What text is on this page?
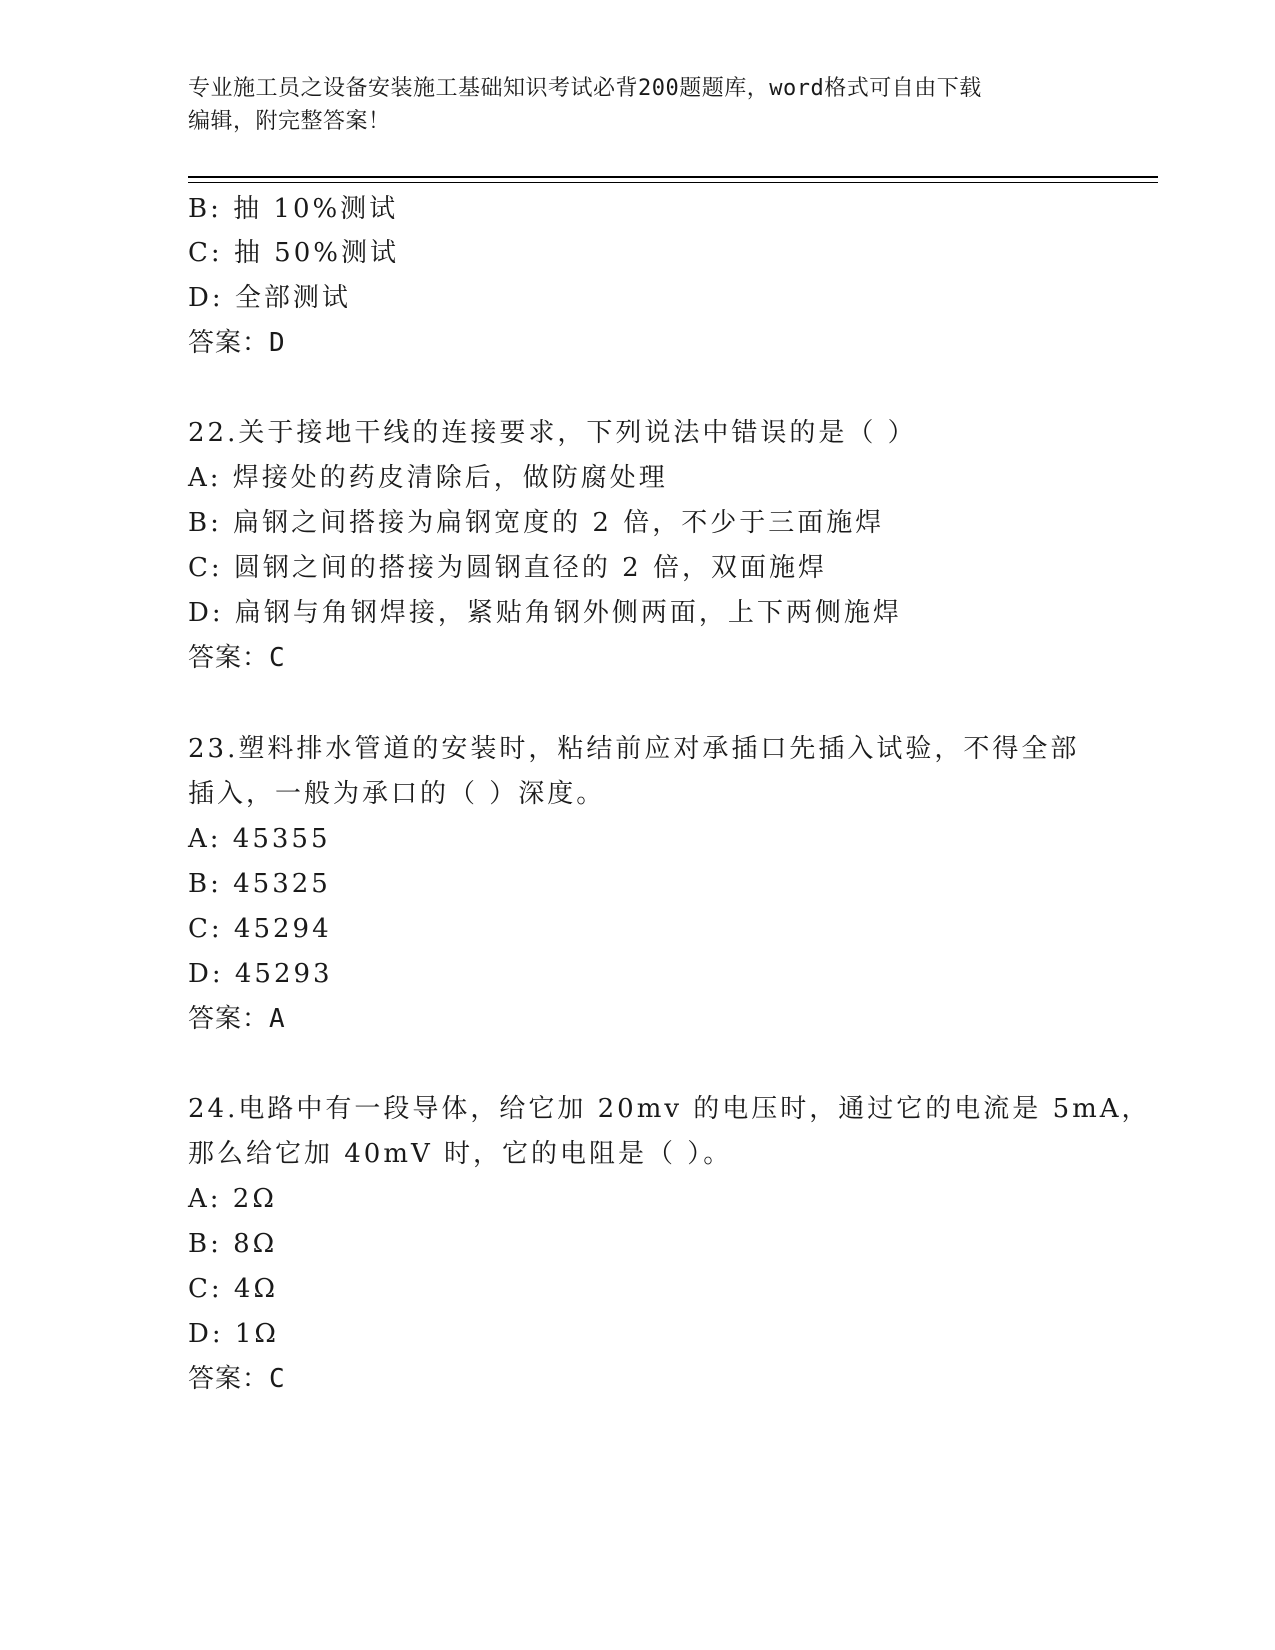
专业施工员之设备安装施工基础知识考试必背200题题库，word格式可自由下载
编辑，附完整答案！
B: 抽 10%测试
C: 抽 50%测试
D: 全部测试
答案：D
22.关于接地干线的连接要求，下列说法中错误的是（ ）
A: 焊接处的药皮清除后，做防腐处理
B: 扁钢之间搭接为扁钢宽度的 2 倍，不少于三面施焊
C: 圆钢之间的搭接为圆钢直径的 2 倍，双面施焊
D: 扁钢与角钢焊接，紧贴角钢外侧两面，上下两侧施焊
答案：C
23.塑料排水管道的安装时，粘结前应对承插口先插入试验，不得全部
插入，一般为承口的（ ）深度。
A: 45355
B: 45325
C: 45294
D: 45293
答案：A
24.电路中有一段导体，给它加 20mv 的电压时，通过它的电流是 5mA，
那么给它加 40mV 时，它的电阻是（ ）。
A: 2Ω
B: 8Ω
C: 4Ω
D: 1Ω
答案：C
